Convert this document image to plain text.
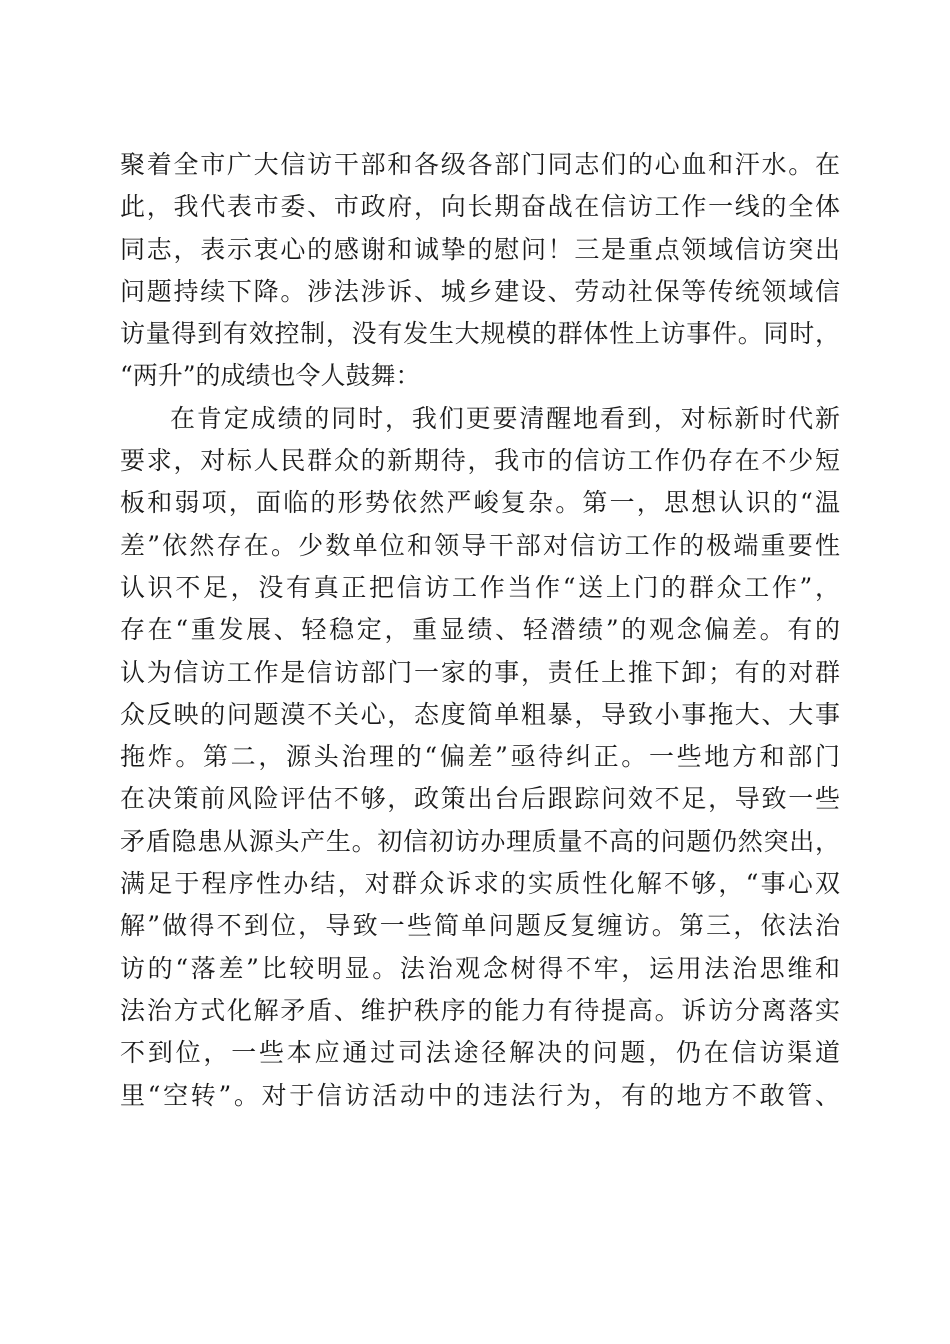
聚着全市广大信访干部和各级各部门同志们的心血和汗水。在
此，我代表市委、市政府，向长期奋战在信访工作一线的全体
同志，表示衷心的感谢和诚挚的慰问！三是重点领域信访突出
问题持续下降。涉法涉诉、城乡建设、劳动社保等传统领域信
访量得到有效控制，没有发生大规模的群体性上访事件。同时，
“两升”的成绩也令人鼓舞：
在肯定成绩的同时，我们更要清醒地看到，对标新时代新
要求，对标人民群众的新期待，我市的信访工作仍存在不少短
板和弱项，面临的形势依然严峻复杂。第一，思想认识的“温
差”依然存在。少数单位和领导干部对信访工作的极端重要性
认识不足，没有真正把信访工作当作“送上门的群众工作”，
存在“重发展、轻稳定，重显绩、轻潜绩”的观念偏差。有的
认为信访工作是信访部门一家的事，责任上推下卸；有的对群
众反映的问题漠不关心，态度简单粗暴，导致小事拖大、大事
拖炸。第二，源头治理的“偏差”亟待纠正。一些地方和部门
在决策前风险评估不够，政策出台后跟踪问效不足，导致一些
矛盾隐患从源头产生。初信初访办理质量不高的问题仍然突出，
满足于程序性办结，对群众诉求的实质性化解不够，“事心双
解”做得不到位，导致一些简单问题反复缠访。第三，依法治
访的“落差”比较明显。法治观念树得不牢，运用法治思维和
法治方式化解矛盾、维护秩序的能力有待提高。诉访分离落实
不到位，一些本应通过司法途径解决的问题，仍在信访渠道
里“空转”。对于信访活动中的违法行为，有的地方不敢管、
